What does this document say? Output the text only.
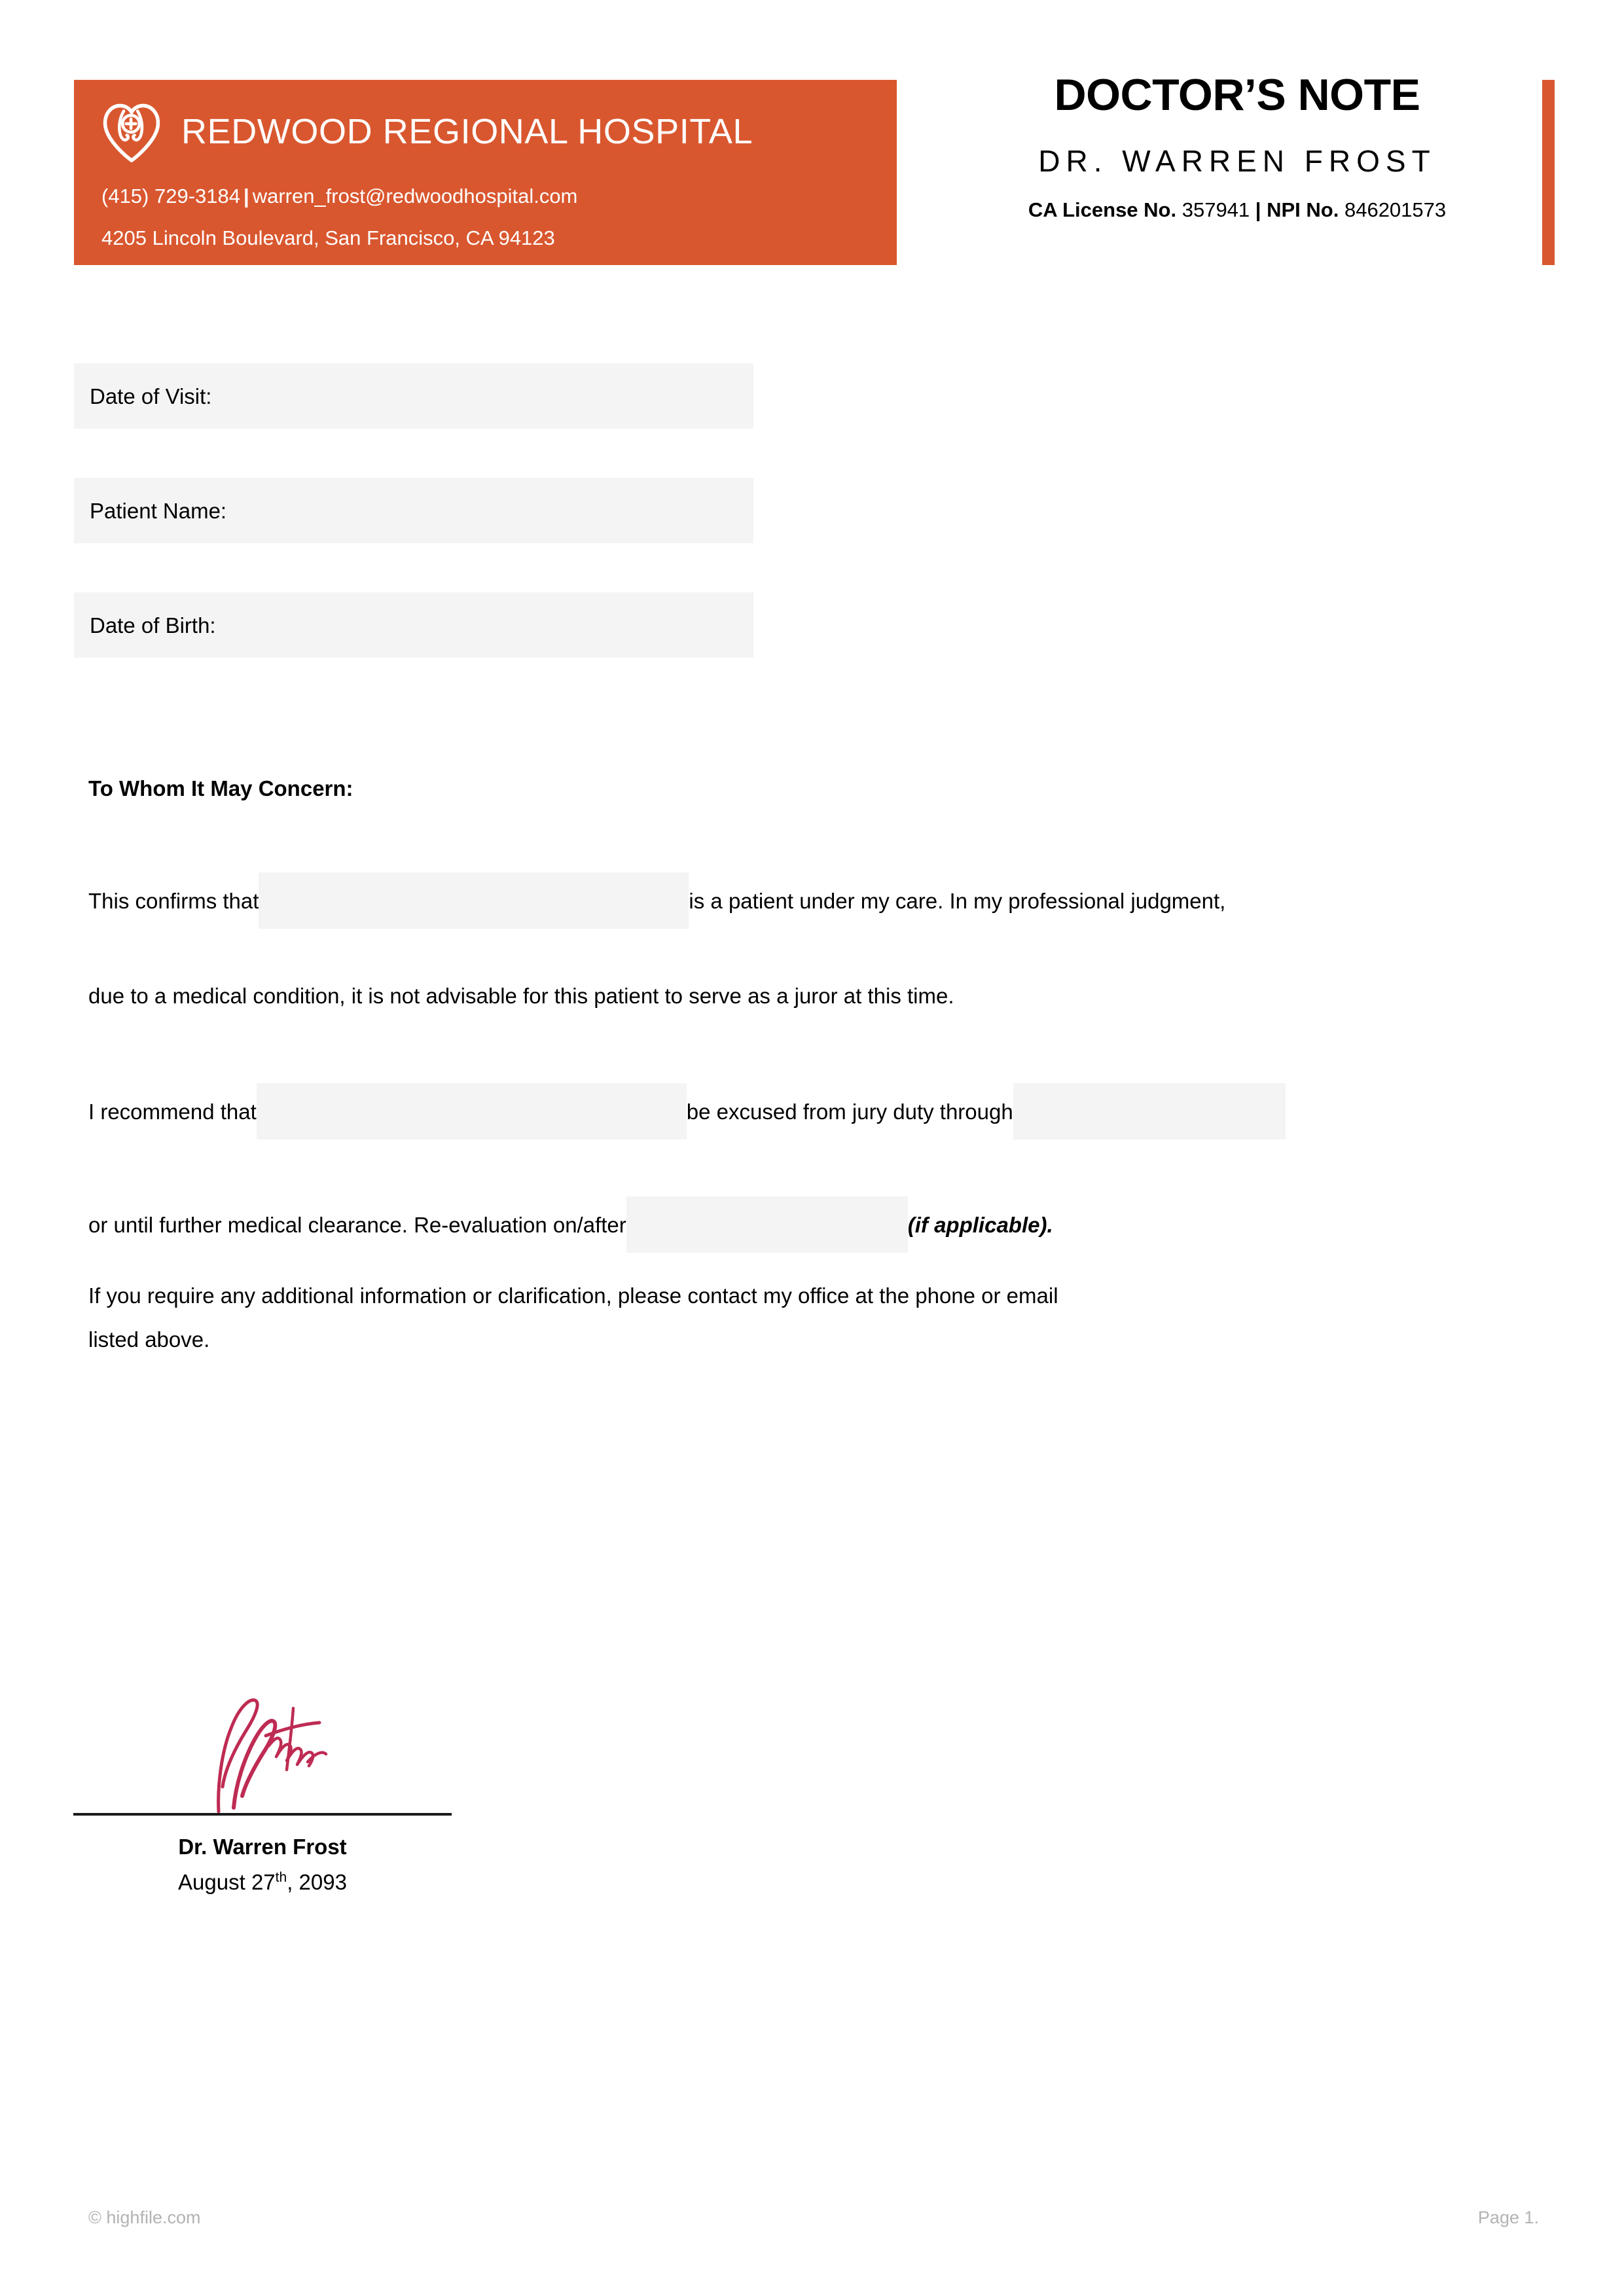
REDWOOD REGIONAL HOSPITAL
(415) 729-3184 | warren_frost@redwoodhospital.com
4205 Lincoln Boulevard, San Francisco, CA 94123
DOCTOR’S NOTE
DR. WARREN FROST
CA License No. 357941 | NPI No. 846201573
Date of Visit:
Patient Name:
Date of Birth:
To Whom It May Concern:
This confirms that	is a patient under my care. In my professional judgment,
due to a medical condition, it is not advisable for this patient to serve as a juror at this time.
I recommend that	be excused from jury duty through
or until further medical clearance. Re-evaluation on/after	(if applicable).
If you require any additional information or clarification, please contact my office at the phone or email
listed above.
Dr. Warren Frost
August 27th, 2093
© highfile.com	Page 1.
